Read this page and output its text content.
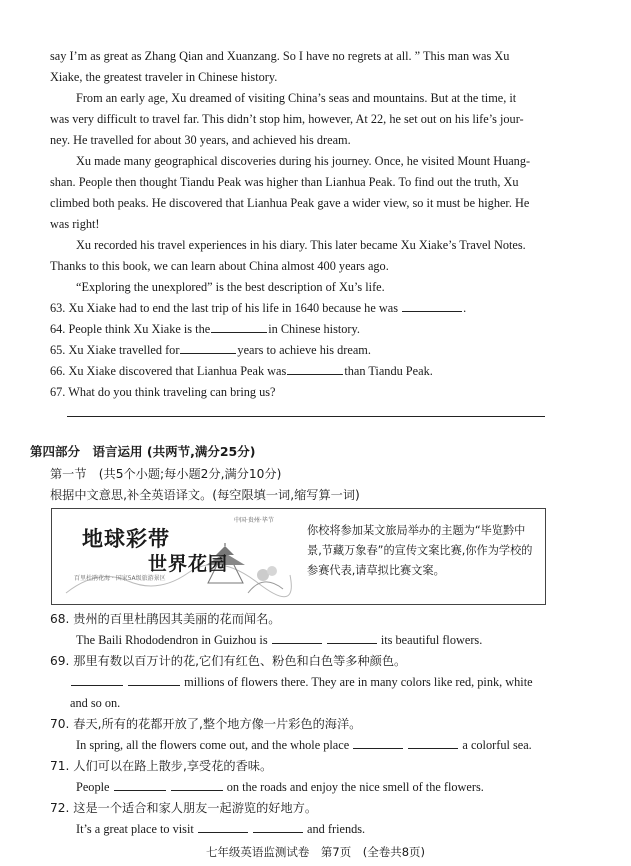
say I’m as great as Zhang Qian and Xuanzang. So I have no regrets at all. ” This man was Xu
Xiake, the greatest traveler in Chinese history.
From an early age, Xu dreamed of visiting China’s seas and mountains. But at the time, it
was very difficult to travel far. This didn’t stop him, however, At 22, he set out on his life’s jour-
ney. He travelled for about 30 years, and achieved his dream.
Xu made many geographical discoveries during his journey. Once, he visited Mount Huang-
shan. People then thought Tiandu Peak was higher than Lianhua Peak. To find out the truth, Xu
climbed both peaks. He discovered that Lianhua Peak gave a wider view, so it must be higher. He
was right!
Xu recorded his travel experiences in his diary. This later became Xu Xiake’s Travel Notes.
Thanks to this book, we can learn about China almost 400 years ago.
“Exploring the unexplored” is the best description of Xu’s life.
63. Xu Xiake had to end the last trip of his life in 1640 because he was	.
64. People think Xu Xiake is the	in Chinese history.
65. Xu Xiake travelled for	years to achieve his dream.
66. Xu Xiake discovered that Lianhua Peak was	than Tiandu Peak.
67. What do you think traveling can bring us?
第四部分　语言运用 (共两节,满分25分)
第一节　(共5个小题;每小题2分,满分10分)
根据中文意思,补全英语译文。(每空限填一词,缩写算一词)
地球彩带
世界花园
中国·贵州·毕节
百里杜鹃花海 · 国家5A级旅游景区
你校将参加某文旅局举办的主题为“毕览黔中景,节藏万象春”的宣传文案比赛,你作为学校的参赛代表,请草拟比赛文案。
68. 贵州的百里杜鹃因其美丽的花而闻名。
The Baili Rhododendron in Guizhou is	its beautiful flowers.
69. 那里有数以百万计的花,它们有红色、粉色和白色等多种颜色。
millions of flowers there. They are in many colors like red, pink, white
and so on.
70. 春天,所有的花都开放了,整个地方像一片彩色的海洋。
In spring, all the flowers come out, and the whole place	a colorful sea.
71. 人们可以在路上散步,享受花的香味。
People	on the roads and enjoy the nice smell of the flowers.
72. 这是一个适合和家人朋友一起游览的好地方。
It’s a great place to visit	and friends.
七年级英语监测试卷　第7页　(全卷共8页)
